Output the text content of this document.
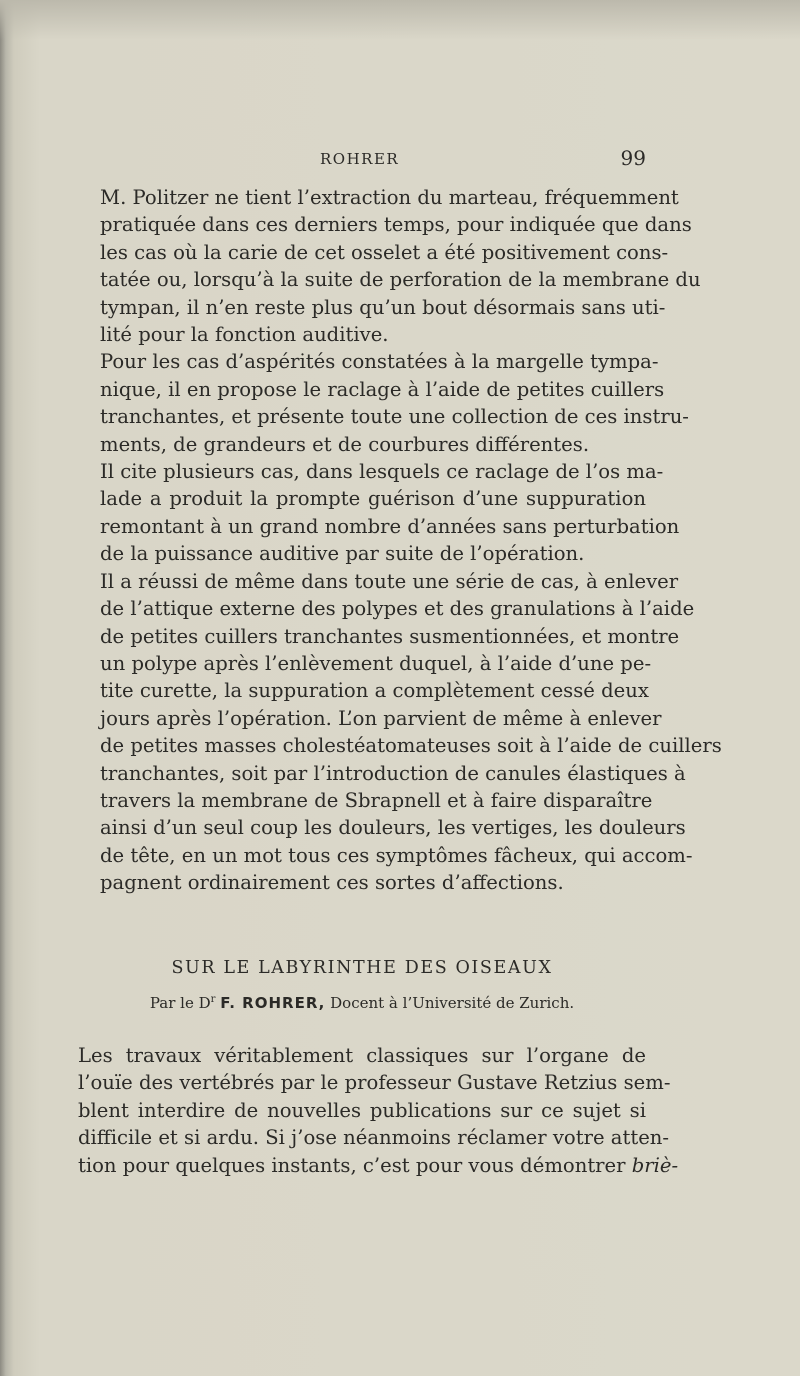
ROHRER	99

M. Politzer ne tient l’extraction du marteau, fréquemment
pratiquée dans ces derniers temps, pour indiquée que dans
les cas où la carie de cet osselet a été positivement cons-
tatée ou, lorsqu’à la suite de perforation de la membrane du
tympan, il n’en reste plus qu’un bout désormais sans uti-
lité pour la fonction auditive.

Pour les cas d’aspérités constatées à la margelle tympa-
nique, il en propose le raclage à l’aide de petites cuillers
tranchantes, et présente toute une collection de ces instru-
ments, de grandeurs et de courbures différentes.

Il cite plusieurs cas, dans lesquels ce raclage de l’os ma-
lade a produit la prompte guérison d’une suppuration
remontant à un grand nombre d’années sans perturbation
de la puissance auditive par suite de l’opération.

Il a réussi de même dans toute une série de cas, à enlever
de l’attique externe des polypes et des granulations à l’aide
de petites cuillers tranchantes susmentionnées, et montre
un polype après l’enlèvement duquel, à l’aide d’une pe-
tite curette, la suppuration a complètement cessé deux
jours après l’opération. L’on parvient de même à enlever
de petites masses cholestéatomateuses soit à l’aide de cuillers
tranchantes, soit par l’introduction de canules élastiques à
travers la membrane de Sbrapnell et à faire disparaître
ainsi d’un seul coup les douleurs, les vertiges, les douleurs
de tête, en un mot tous ces symptômes fâcheux, qui accom-
pagnent ordinairement ces sortes d’affections.

SUR LE LABYRINTHE DES OISEAUX

Par le $D^r$ F. ROHRER, Docent à l’Université de Zurich.

Les travaux véritablement classiques sur l’organe de
l’ouïe des vertébrés par le professeur Gustave Retzius sem-
blent interdire de nouvelles publications sur ce sujet si
difficile et si ardu. Si j’ose néanmoins réclamer votre atten-
tion pour quelques instants, c’est pour vous démontrer briè-
